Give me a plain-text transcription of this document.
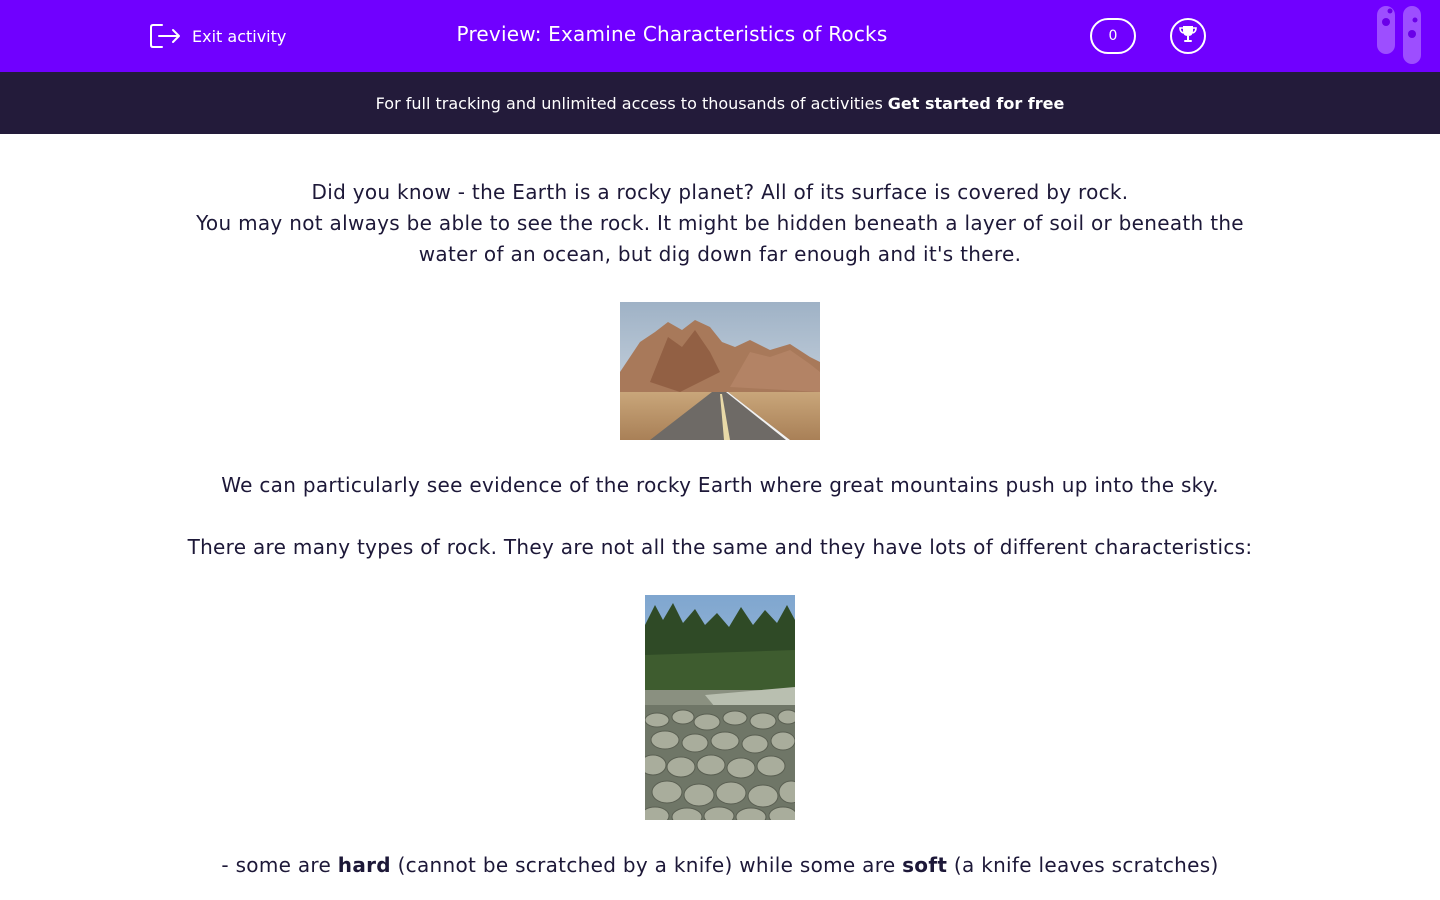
Exit activity	Preview: Examine Characteristics of Rocks	0
For full tracking and unlimited access to thousands of activities Get started for free
Did you know - the Earth is a rocky planet? All of its surface is covered by rock.
You may not always be able to see the rock. It might be hidden beneath a layer of soil or beneath the water of an ocean, but dig down far enough and it's there.
We can particularly see evidence of the rocky Earth where great mountains push up into the sky.
There are many types of rock. They are not all the same and they have lots of different characteristics:
- some are hard (cannot be scratched by a knife) while some are soft (a knife leaves scratches)
